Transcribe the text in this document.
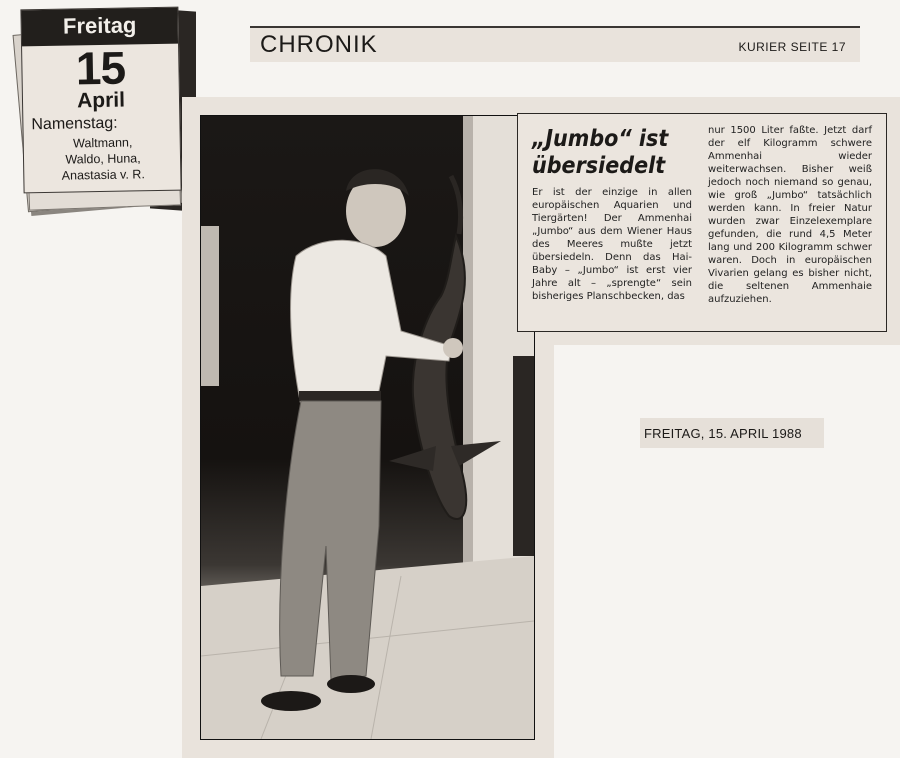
Freitag
15
April
Namenstag:
Waltmann,
Waldo, Huna,
Anastasia v. R.
CHRONIK	KURIER SEITE 17
„Jumbo“ ist
übersiedelt
Er ist der einzige in allen europäischen Aquarien und Tiergärten! Der Ammenhai „Jumbo“ aus dem Wiener Haus des Meeres mußte jetzt übersiedeln. Denn das Hai-Baby – „Jumbo“ ist erst vier Jahre alt – „sprengte“ sein bisheriges Planschbecken, das
nur 1500 Liter faßte. Jetzt darf der elf Kilogramm schwere Ammenhai wieder weiterwachsen. Bisher weiß jedoch noch niemand so genau, wie groß „Jumbo“ tatsächlich werden kann. In freier Natur wurden zwar Einzelexemplare gefunden, die rund 4,5 Meter lang und 200 Kilogramm schwer waren. Doch in europäischen Vivarien gelang es bisher nicht, die seltenen Ammenhaie aufzuziehen.
FREITAG, 15. APRIL 1988
